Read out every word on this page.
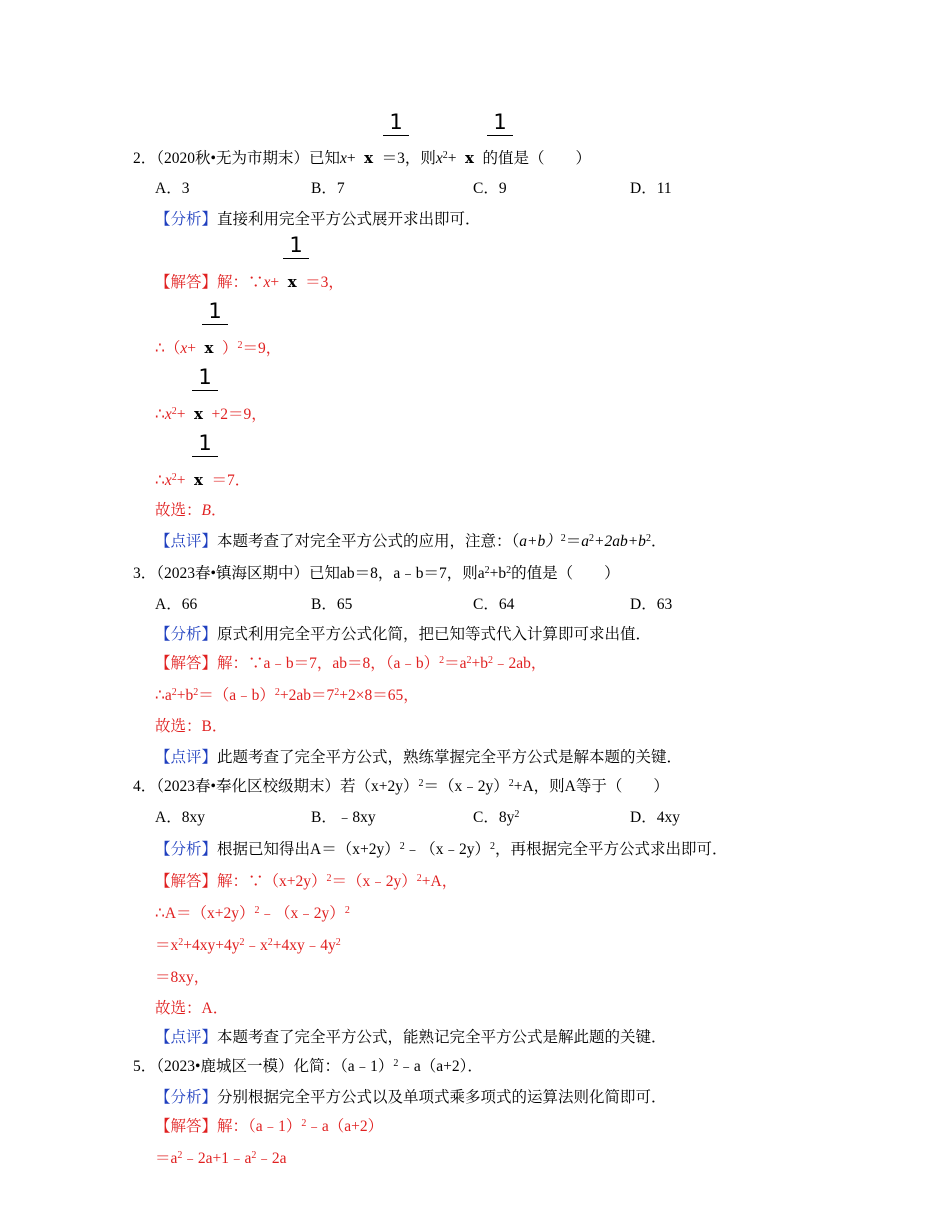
1	1
2．（2020秋•无为市期末）已知x+ x ＝3，则$x^2+ x$ 的值是（　　）
A．3	B．7	C．9	D．11
【分析】直接利用完全平方公式展开求出即可．
1
【解答】解：∵x+ x ＝3，
1
∴（x+ x ）$^2$＝9，
1
$\therefore x^2+ x +2=9$，
1
$\therefore x^2+ x =7$．
故选：B．
【点评】本题考查了对完全平方公式的应用，注意：$(a+b)^2=a^2+2ab+b^2$．
3．（2023春•镇海区期中）已知ab＝8，a﹣b＝7，则$a^2+b^2$的值是（　　）
A．66	B．65	C．64	D．63
【分析】原式利用完全平方公式化简，把已知等式代入计算即可求出值．
【解答】解：∵a﹣b＝7，ab＝8，$(a﹣b)^2=a^2+b^2﹣2ab$，
$\therefore a^2+b^2=(a﹣b)^2+2ab=7^2+2\times 8=65$，
故选：B．
【点评】此题考查了完全平方公式，熟练掌握完全平方公式是解本题的关键．
4．（2023春•奉化区校级期末）若$(x+2y)^2=(x﹣2y)^2+A$，则A等于（　　）
A．8xy	B．﹣8xy	C．$8y^2$	D．4xy
【分析】根据已知得出$A=(x+2y)^2﹣(x﹣2y)^2$，再根据完全平方公式求出即可．
【解答】解：$\because(x+2y)^2=(x﹣2y)^2+A$，
$\therefore A=(x+2y)^2﹣(x﹣2y)^2$
$=x^2+4xy+4y^2﹣x^2+4xy﹣4y^2$
＝8xy，
故选：A．
【点评】本题考查了完全平方公式，能熟记完全平方公式是解此题的关键．
5．（2023•鹿城区一模）化简：（a﹣1）$^2$﹣a（a+2）．
【分析】分别根据完全平方公式以及单项式乘多项式的运算法则化简即可．
【解答】解：（a﹣1）$^2$﹣a（a+2）
$=a^2﹣2a+1﹣a^2﹣2a$
